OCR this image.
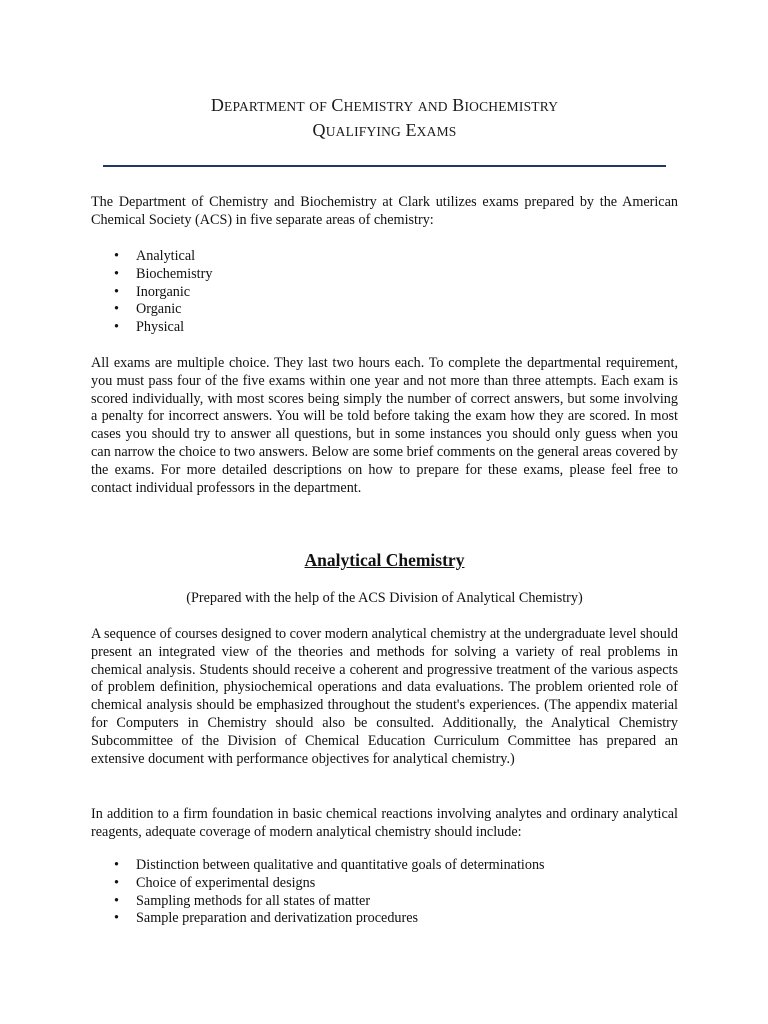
DEPARTMENT OF CHEMISTRY AND BIOCHEMISTRY
QUALIFYING EXAMS

The Department of Chemistry and Biochemistry at Clark utilizes exams prepared by the American Chemical Society (ACS) in five separate areas of chemistry:

• Analytical
• Biochemistry
• Inorganic
• Organic
• Physical

All exams are multiple choice. They last two hours each. To complete the departmental requirement, you must pass four of the five exams within one year and not more than three attempts. Each exam is scored individually, with most scores being simply the number of correct answers, but some involving a penalty for incorrect answers. You will be told before taking the exam how they are scored. In most cases you should try to answer all questions, but in some instances you should only guess when you can narrow the choice to two answers. Below are some brief comments on the general areas covered by the exams. For more detailed descriptions on how to prepare for these exams, please feel free to contact individual professors in the department.

Analytical Chemistry
(Prepared with the help of the ACS Division of Analytical Chemistry)

A sequence of courses designed to cover modern analytical chemistry at the undergraduate level should present an integrated view of the theories and methods for solving a variety of real problems in chemical analysis. Students should receive a coherent and progressive treatment of the various aspects of problem definition, physiochemical operations and data evaluations. The problem oriented role of chemical analysis should be emphasized throughout the student's experiences. (The appendix material for Computers in Chemistry should also be consulted. Additionally, the Analytical Chemistry Subcommittee of the Division of Chemical Education Curriculum Committee has prepared an extensive document with performance objectives for analytical chemistry.)

In addition to a firm foundation in basic chemical reactions involving analytes and ordinary analytical reagents, adequate coverage of modern analytical chemistry should include:

• Distinction between qualitative and quantitative goals of determinations
• Choice of experimental designs
• Sampling methods for all states of matter
• Sample preparation and derivatization procedures
